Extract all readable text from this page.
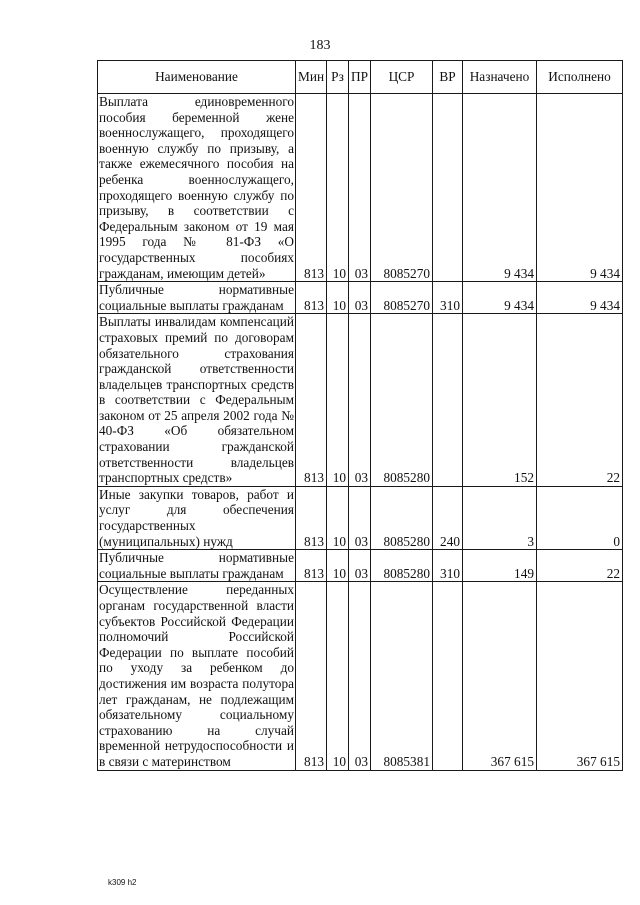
183
Наименование	Мин	Рз	ПР	ЦСР	ВР	Назначено	Исполнено
Выплата единовременного пособия беременной жене военнослужащего, проходящего военную службу по призыву, а также ежемесячного пособия на ребенка военнослужащего, проходящего военную службу по призыву, в соответствии с Федеральным законом от 19 мая 1995 года № 81-ФЗ «О государственных пособиях гражданам, имеющим детей»	813	10	03	8085270		9 434	9 434
Публичные нормативные социальные выплаты гражданам	813	10	03	8085270	310	9 434	9 434
Выплаты инвалидам компенсаций страховых премий по договорам обязательного страхования гражданской ответственности владельцев транспортных средств в соответствии с Федеральным законом от 25 апреля 2002 года № 40-ФЗ «Об обязательном страховании гражданской ответственности владельцев транспортных средств»	813	10	03	8085280		152	22
Иные закупки товаров, работ и услуг для обеспечения государственных (муниципальных) нужд	813	10	03	8085280	240	3	0
Публичные нормативные социальные выплаты гражданам	813	10	03	8085280	310	149	22
Осуществление переданных органам государственной власти субъектов Российской Федерации полномочий Российской Федерации по выплате пособий по уходу за ребенком до достижения им возраста полутора лет гражданам, не подлежащим обязательному социальному страхованию на случай временной нетрудоспособности и в связи с материнством	813	10	03	8085381		367 615	367 615
k309 h2
